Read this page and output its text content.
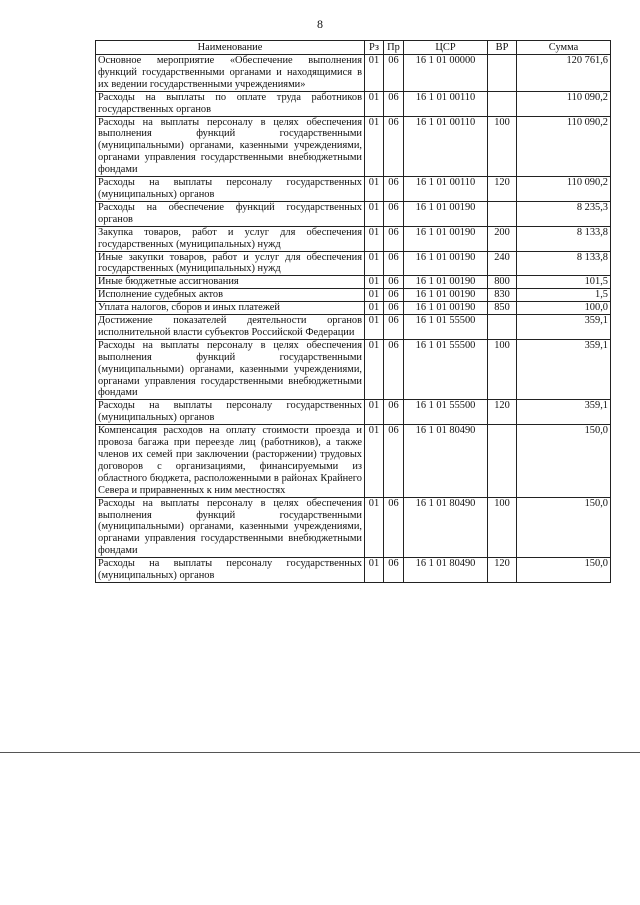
8
Наименование	Рз	Пр	ЦСР	ВР	Сумма
Основное мероприятие «Обеспечение выполнения функций государственными органами и находящимися в их ведении государственными учреждениями»	01	06	16 1 01 00000		120 761,6
Расходы на выплаты по оплате труда работников государственных органов	01	06	16 1 01 00110		110 090,2
Расходы на выплаты персоналу в целях обеспечения выполнения функций государственными (муниципальными) органами, казенными учреждениями, органами управления государственными внебюджетными фондами	01	06	16 1 01 00110	100	110 090,2
Расходы на выплаты персоналу государственных (муниципальных) органов	01	06	16 1 01 00110	120	110 090,2
Расходы на обеспечение функций государственных органов	01	06	16 1 01 00190		8 235,3
Закупка товаров, работ и услуг для обеспечения государственных (муниципальных) нужд	01	06	16 1 01 00190	200	8 133,8
Иные закупки товаров, работ и услуг для обеспечения государственных (муниципальных) нужд	01	06	16 1 01 00190	240	8 133,8
Иные бюджетные ассигнования	01	06	16 1 01 00190	800	101,5
Исполнение судебных актов	01	06	16 1 01 00190	830	1,5
Уплата налогов, сборов и иных платежей	01	06	16 1 01 00190	850	100,0
Достижение показателей деятельности органов исполнительной власти субъектов Российской Федерации	01	06	16 1 01 55500		359,1
Расходы на выплаты персоналу в целях обеспечения выполнения функций государственными (муниципальными) органами, казенными учреждениями, органами управления государственными внебюджетными фондами	01	06	16 1 01 55500	100	359,1
Расходы на выплаты персоналу государственных (муниципальных) органов	01	06	16 1 01 55500	120	359,1
Компенсация расходов на оплату стоимости проезда и провоза багажа при переезде лиц (работников), а также членов их семей при заключении (расторжении) трудовых договоров с организациями, финансируемыми из областного бюджета, расположенными в районах Крайнего Севера и приравненных к ним местностях	01	06	16 1 01 80490		150,0
Расходы на выплаты персоналу в целях обеспечения выполнения функций государственными (муниципальными) органами, казенными учреждениями, органами управления государственными внебюджетными фондами	01	06	16 1 01 80490	100	150,0
Расходы на выплаты персоналу государственных (муниципальных) органов	01	06	16 1 01 80490	120	150,0
